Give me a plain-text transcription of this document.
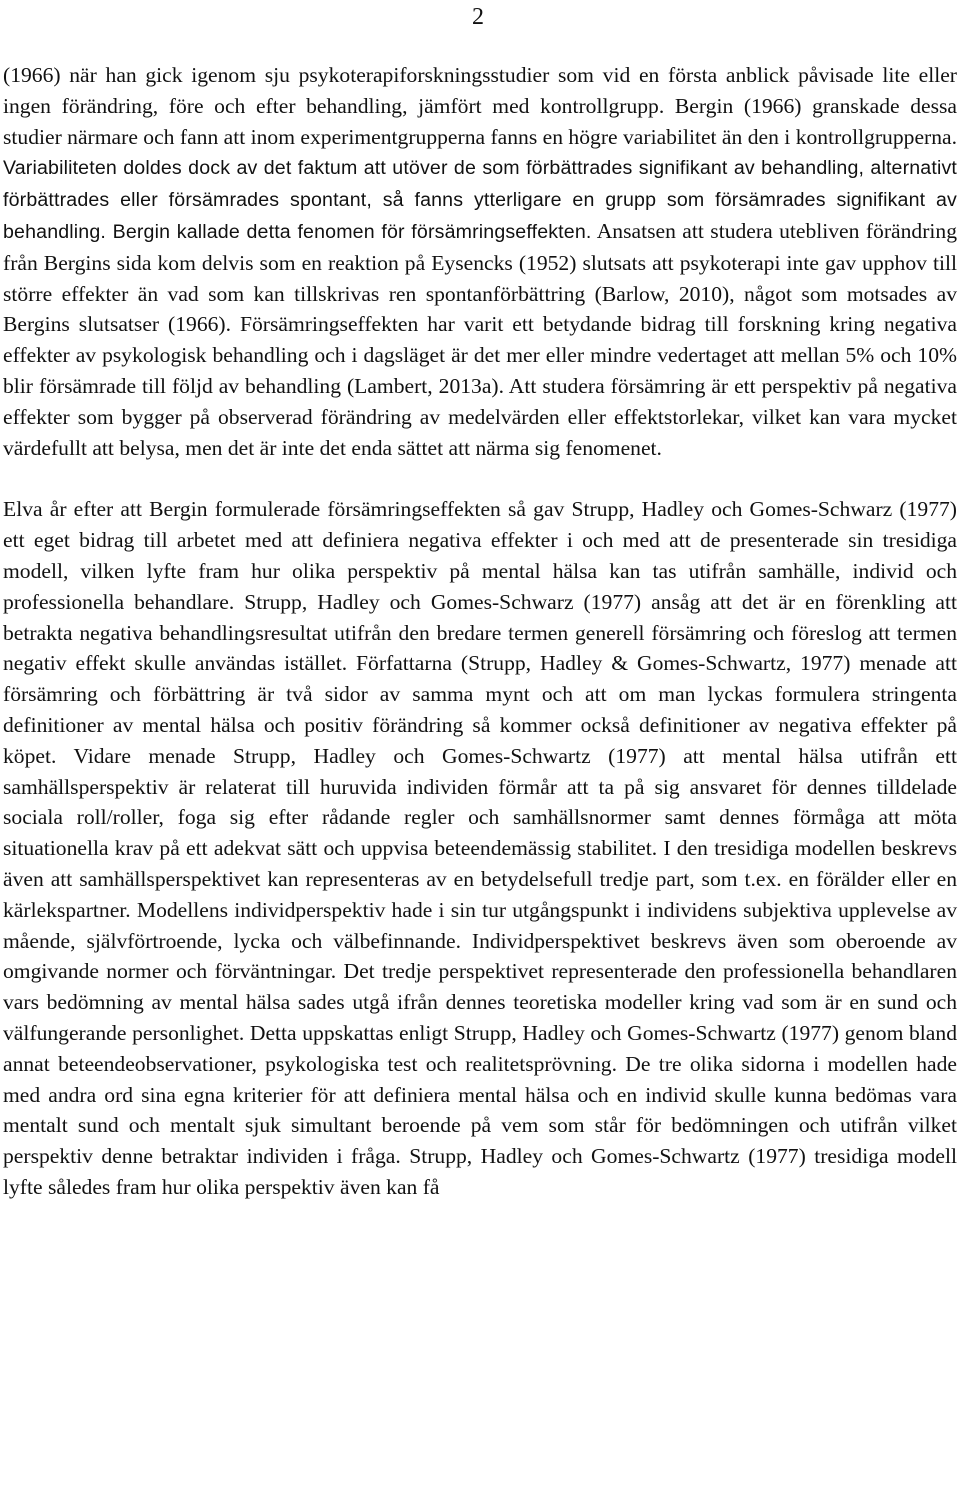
2

(1966) när han gick igenom sju psykoterapiforskningsstudier som vid en första anblick påvisade lite eller ingen förändring, före och efter behandling, jämfört med kontrollgrupp. Bergin (1966) granskade dessa studier närmare och fann att inom experimentgrupperna fanns en högre variabilitet än den i kontrollgrupperna. Variabiliteten doldes dock av det faktum att utöver de som förbättrades signifikant av behandling, alternativt förbättrades eller försämrades spontant, så fanns ytterligare en grupp som försämrades signifikant av behandling. Bergin kallade detta fenomen för försämringseffekten. Ansatsen att studera utebliven förändring från Bergins sida kom delvis som en reaktion på Eysencks (1952) slutsats att psykoterapi inte gav upphov till större effekter än vad som kan tillskrivas ren spontanförbättring (Barlow, 2010), något som motsades av Bergins slutsatser (1966). Försämringseffekten har varit ett betydande bidrag till forskning kring negativa effekter av psykologisk behandling och i dagsläget är det mer eller mindre vedertaget att mellan 5% och 10% blir försämrade till följd av behandling (Lambert, 2013a). Att studera försämring är ett perspektiv på negativa effekter som bygger på observerad förändring av medelvärden eller effektstorlekar, vilket kan vara mycket värdefullt att belysa, men det är inte det enda sättet att närma sig fenomenet.

Elva år efter att Bergin formulerade försämringseffekten så gav Strupp, Hadley och Gomes-Schwarz (1977) ett eget bidrag till arbetet med att definiera negativa effekter i och med att de presenterade sin tresidiga modell, vilken lyfte fram hur olika perspektiv på mental hälsa kan tas utifrån samhälle, individ och professionella behandlare. Strupp, Hadley och Gomes-Schwarz (1977) ansåg att det är en förenkling att betrakta negativa behandlingsresultat utifrån den bredare termen generell försämring och föreslog att termen negativ effekt skulle användas istället. Författarna (Strupp, Hadley & Gomes-Schwartz, 1977) menade att försämring och förbättring är två sidor av samma mynt och att om man lyckas formulera stringenta definitioner av mental hälsa och positiv förändring så kommer också definitioner av negativa effekter på köpet. Vidare menade Strupp, Hadley och Gomes-Schwartz (1977) att mental hälsa utifrån ett samhällsperspektiv är relaterat till huruvida individen förmår att ta på sig ansvaret för dennes tilldelade sociala roll/roller, foga sig efter rådande regler och samhällsnormer samt dennes förmåga att möta situationella krav på ett adekvat sätt och uppvisa beteendemässig stabilitet. I den tresidiga modellen beskrevs även att samhällsperspektivet kan representeras av en betydelsefull tredje part, som t.ex. en förälder eller en kärlekspartner. Modellens individperspektiv hade i sin tur utgångspunkt i individens subjektiva upplevelse av mående, självförtroende, lycka och välbefinnande. Individperspektivet beskrevs även som oberoende av omgivande normer och förväntningar. Det tredje perspektivet representerade den professionella behandlaren vars bedömning av mental hälsa sades utgå ifrån dennes teoretiska modeller kring vad som är en sund och välfungerande personlighet. Detta uppskattas enligt Strupp, Hadley och Gomes-Schwartz (1977) genom bland annat beteendeobservationer, psykologiska test och realitetsprövning. De tre olika sidorna i modellen hade med andra ord sina egna kriterier för att definiera mental hälsa och en individ skulle kunna bedömas vara mentalt sund och mentalt sjuk simultant beroende på vem som står för bedömningen och utifrån vilket perspektiv denne betraktar individen i fråga. Strupp, Hadley och Gomes-Schwartz (1977) tresidiga modell lyfte således fram hur olika perspektiv även kan få
